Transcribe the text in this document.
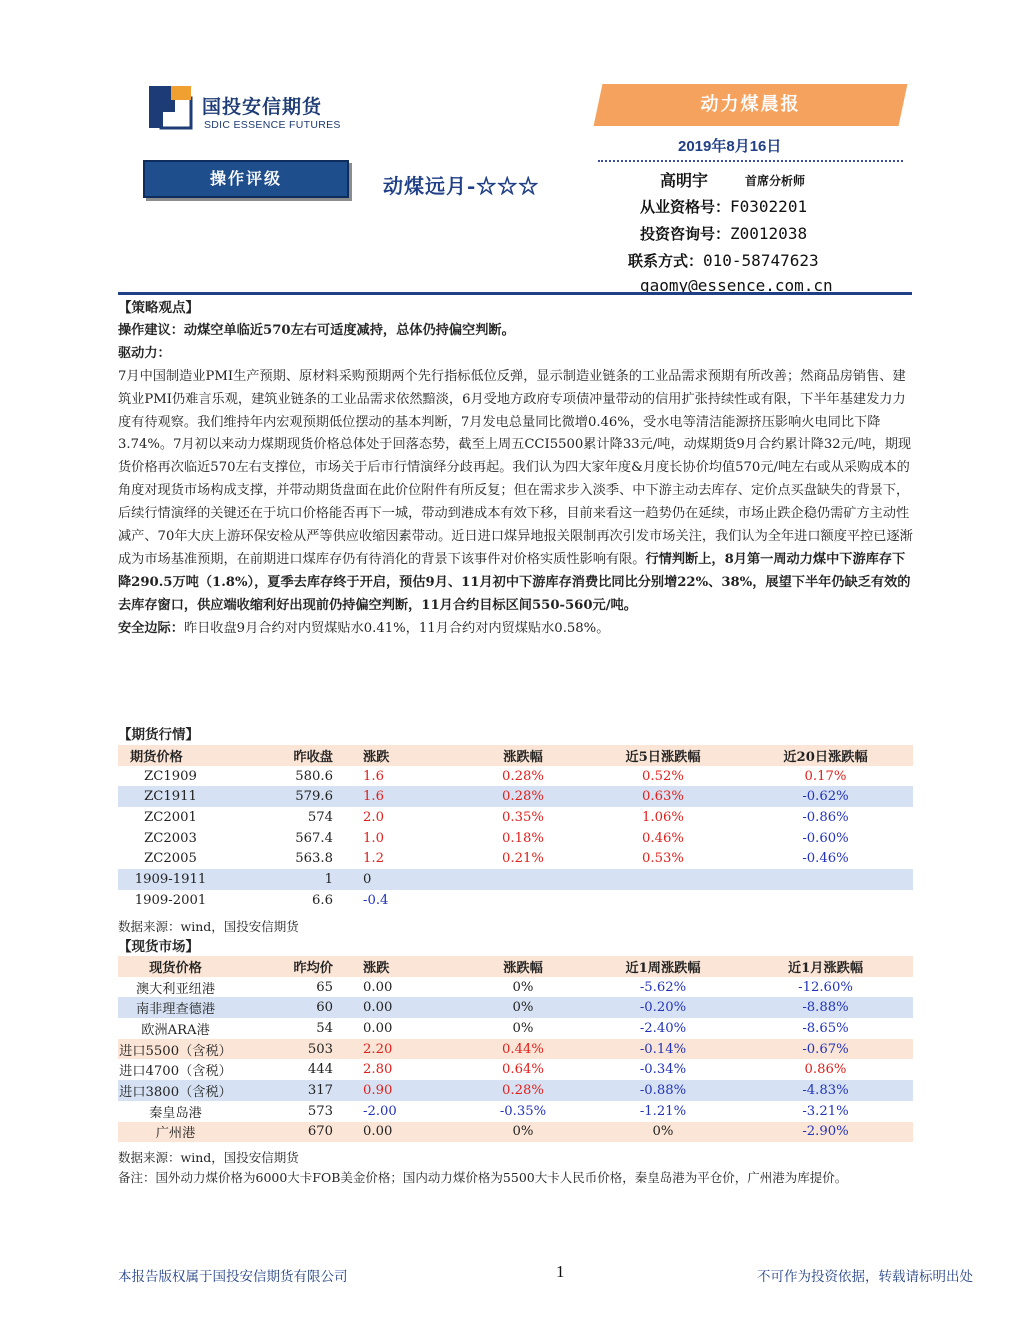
国投安信期货
SDIC ESSENCE FUTURES
动力煤晨报
2019年8月16日
操作评级	动煤远月-☆☆☆	高明宇	首席分析师
从业资格号：F0302201
投资咨询号：Z0012038
联系方式：010-58747623
gaomy@essence.com.cn

【策略观点】

操作建议：动煤空单临近570左右可适度减持，总体仍持偏空判断。

驱动力：

7月中国制造业PMI生产预期、原材料采购预期两个先行指标低位反弹，显示制造业链条的工业品需求预期有所改善；然商品房销售、建筑业PMI仍难言乐观，建筑业链条的工业品需求依然黯淡，6月受地方政府专项债冲量带动的信用扩张持续性或有限，下半年基建发力力度有待观察。我们维持年内宏观预期低位摆动的基本判断，7月发电总量同比微增0.46%，受水电等清洁能源挤压影响火电同比下降3.74%。7月初以来动力煤期现货价格总体处于回落态势，截至上周五CCI5500累计降33元/吨，动煤期货9月合约累计降32元/吨，期现货价格再次临近570左右支撑位，市场关于后市行情演绎分歧再起。我们认为四大家年度&月度长协价均值570元/吨左右或从采购成本的角度对现货市场构成支撑，并带动期货盘面在此价位附件有所反复；但在需求步入淡季、中下游主动去库存、定价点买盘缺失的背景下，后续行情演绎的关键还在于坑口价格能否再下一城，带动到港成本有效下移，目前来看这一趋势仍在延续，市场止跌企稳仍需矿方主动性减产、70年大庆上游环保安检从严等供应收缩因素带动。近日进口煤异地报关限制再次引发市场关注，我们认为全年进口额度平控已逐渐成为市场基准预期，在前期进口煤库存仍有待消化的背景下该事件对价格实质性影响有限。行情判断上，8月第一周动力煤中下游库存下降290.5万吨（1.8%），夏季去库存终于开启，预估9月、11月初中下游库存消费比同比分别增22%、38%，展望下半年仍缺乏有效的去库存窗口，供应端收缩利好出现前仍持偏空判断，11月合约目标区间550-560元/吨。

安全边际：昨日收盘9月合约对内贸煤贴水0.41%，11月合约对内贸煤贴水0.58%。

【期货行情】
期货价格	昨收盘	涨跌	涨跌幅	近5日涨跌幅	近20日涨跌幅
ZC1909	580.6	1.6	0.28%	0.52%	0.17%
ZC1911	579.6	1.6	0.28%	0.63%	-0.62%
ZC2001	574	2.0	0.35%	1.06%	-0.86%
ZC2003	567.4	1.0	0.18%	0.46%	-0.60%
ZC2005	563.8	1.2	0.21%	0.53%	-0.46%
1909-1911	1	0			
1909-2001	6.6	-0.4			
数据来源：wind，国投安信期货
【现货市场】
现货价格	昨均价	涨跌	涨跌幅	近1周涨跌幅	近1月涨跌幅
澳大利亚纽港	65	0.00	0%	-5.62%	-12.60%
南非理查德港	60	0.00	0%	-0.20%	-8.88%
欧洲ARA港	54	0.00	0%	-2.40%	-8.65%
进口5500（含税）	503	2.20	0.44%	-0.14%	-0.67%
进口4700（含税）	444	2.80	0.64%	-0.34%	0.86%
进口3800（含税）	317	0.90	0.28%	-0.88%	-4.83%
秦皇岛港	573	-2.00	-0.35%	-1.21%	-3.21%
广州港	670	0.00	0%	0%	-2.90%
数据来源：wind，国投安信期货
备注：国外动力煤价格为6000大卡FOB美金价格；国内动力煤价格为5500大卡人民币价格，秦皇岛港为平仓价，广州港为库提价。
本报告版权属于国投安信期货有限公司	1	不可作为投资依据，转载请标明出处
